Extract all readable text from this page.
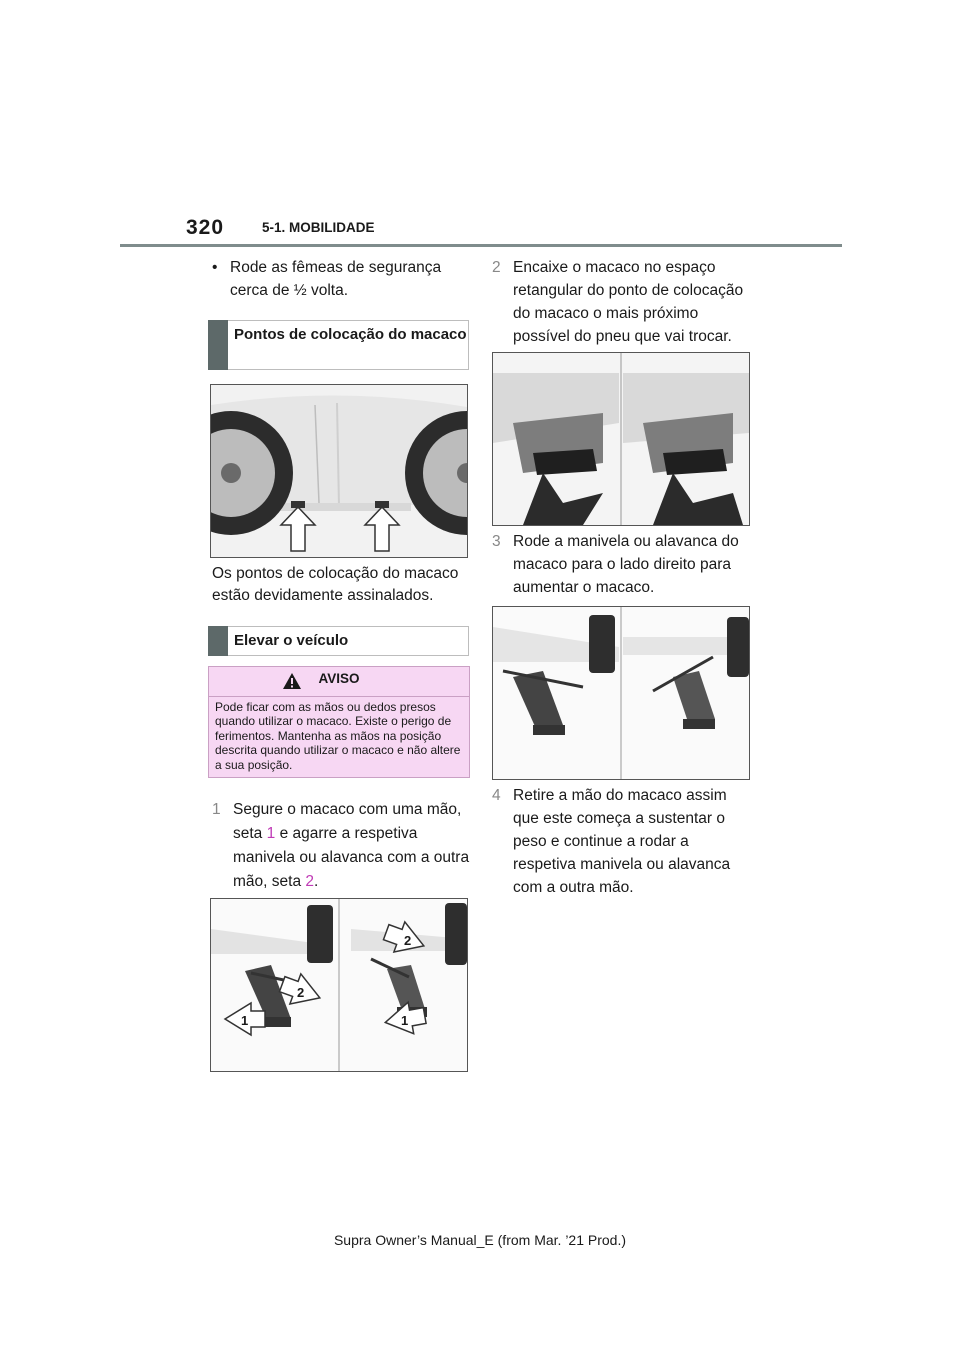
320	5-1. MOBILIDADE
• Rode as fêmeas de segurança cerca de ½ volta.
Pontos de colocação do macaco
Os pontos de colocação do macaco estão devidamente assinalados.
Elevar o veículo
AVISO
Pode ficar com as mãos ou dedos presos quando utilizar o macaco. Existe o perigo de ferimentos. Mantenha as mãos na posição descrita quando utilizar o macaco e não altere a sua posição.
1 Segure o macaco com uma mão, seta 1 e agarre a respetiva manivela ou alavanca com a outra mão, seta 2.
1	1
2
2
2 Encaixe o macaco no espaço retangular do ponto de colocação do macaco o mais próximo possível do pneu que vai trocar.
3 Rode a manivela ou alavanca do macaco para o lado direito para aumentar o macaco.
4 Retire a mão do macaco assim que este começa a sustentar o peso e continue a rodar a respetiva manivela ou alavanca com a outra mão.
Supra Owner’s Manual_E (from Mar. ’21 Prod.)
